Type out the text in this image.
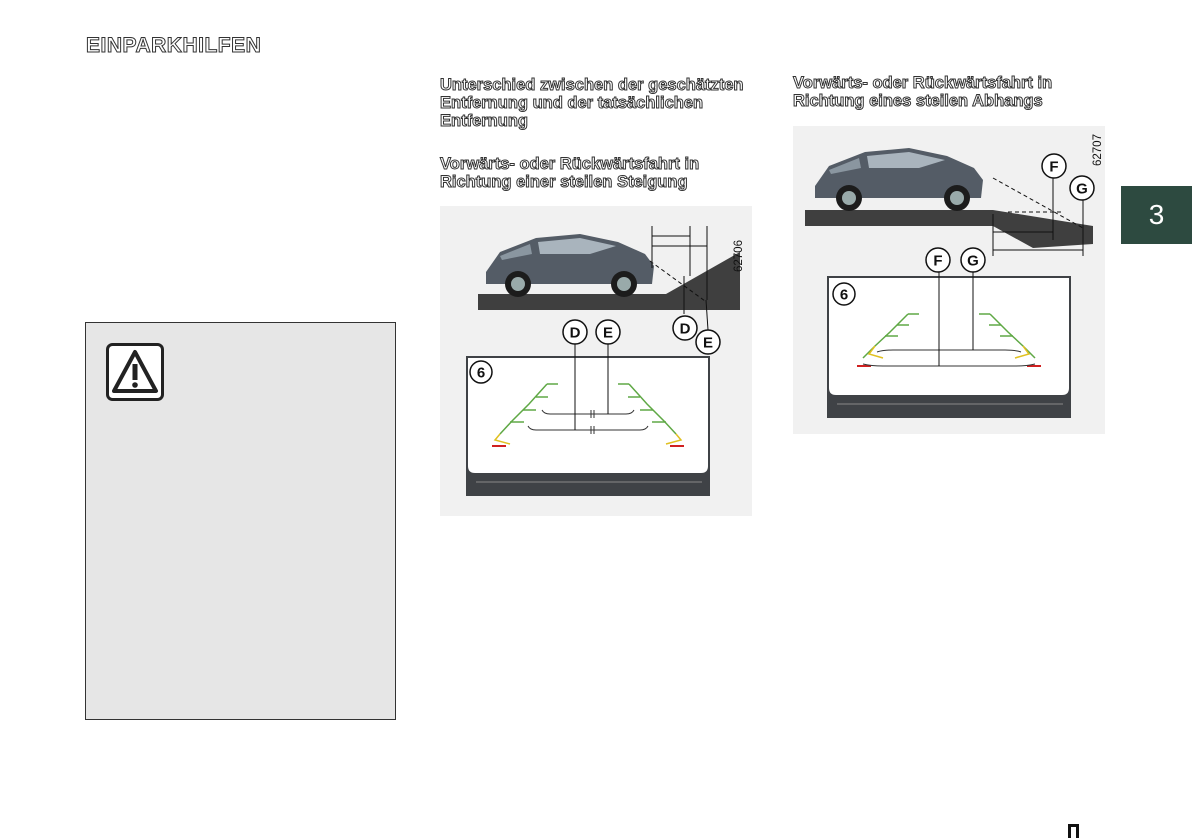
EINPARKHILFEN
Unterschied zwischen der geschätzten Entfernung und der tatsächlichen Entfernung
Vorwärts- oder Rückwärtsfahrt in Richtung einer steilen Steigung
Vorwärts- oder Rückwärtsfahrt in Richtung eines steilen Abhangs
62706
D
E
6
D E
62707
F
G
6
F G
3
